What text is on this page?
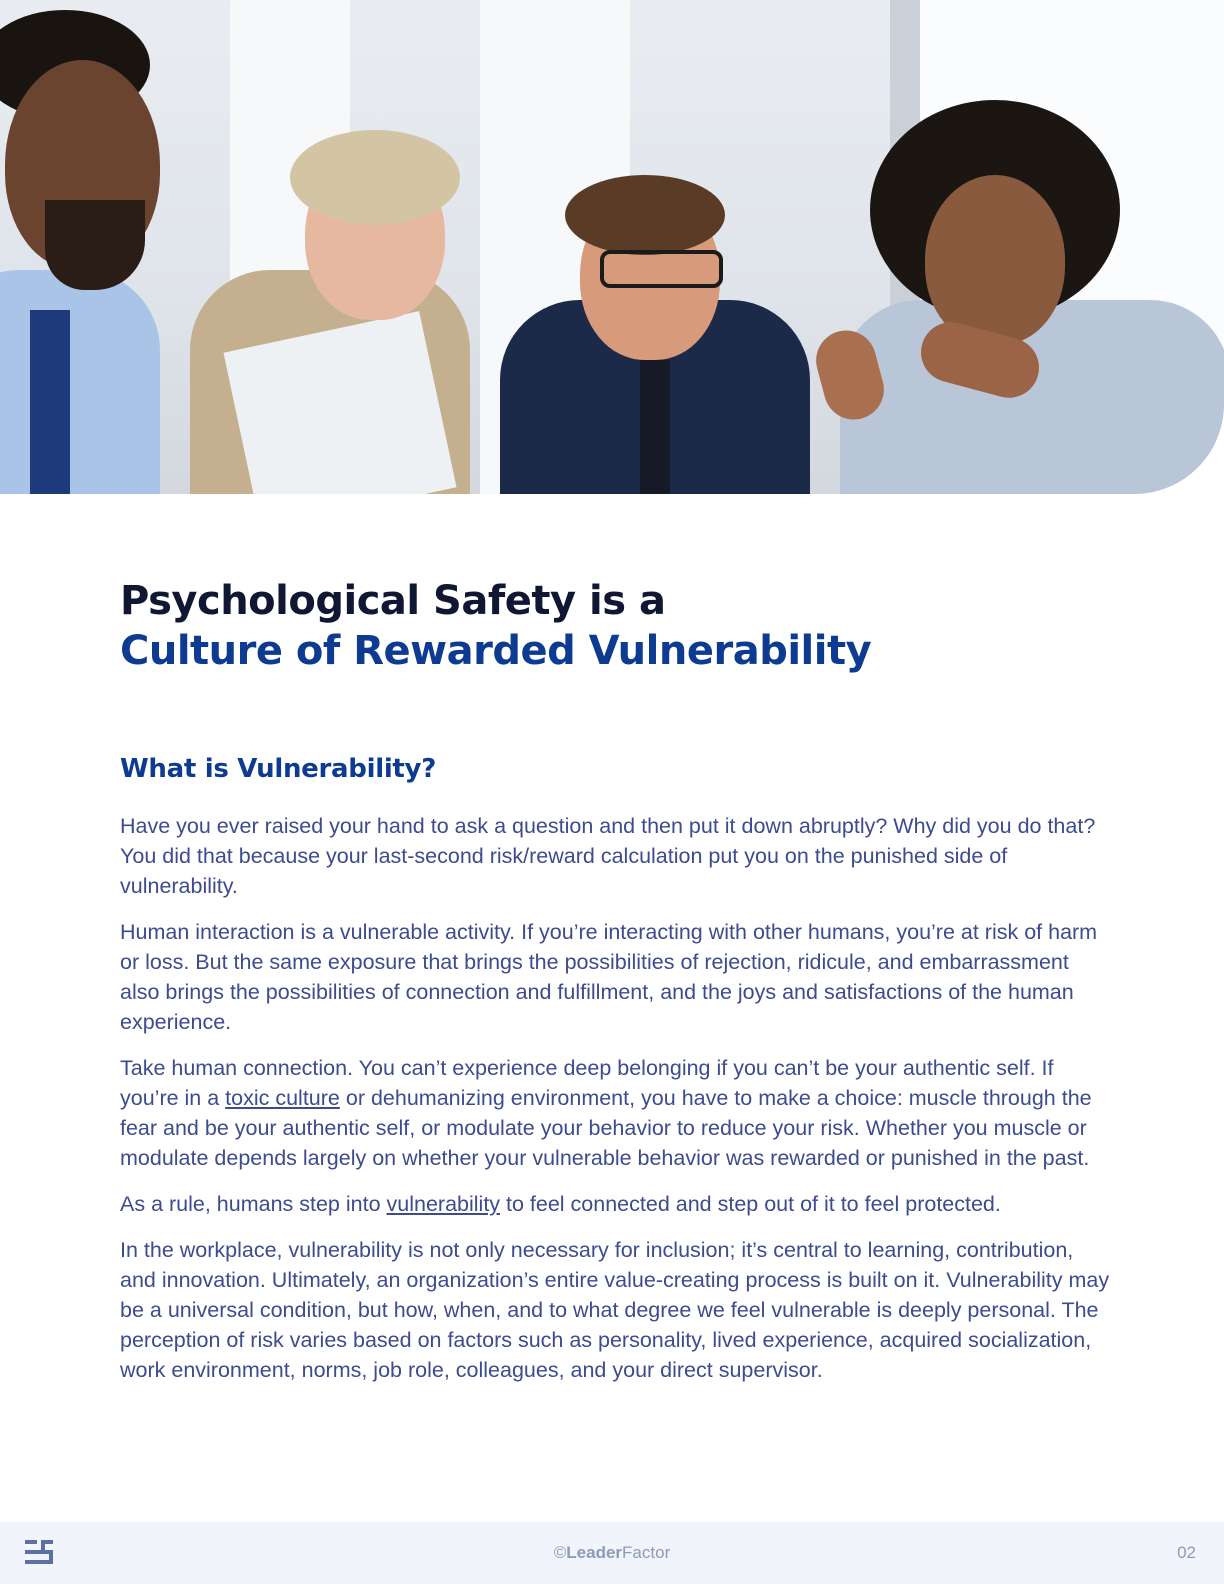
Psychological Safety is a
Culture of Rewarded Vulnerability
What is Vulnerability?

Have you ever raised your hand to ask a question and then put it down abruptly? Why did you do that? You did that because your last-second risk/reward calculation put you on the punished side of vulnerability.

Human interaction is a vulnerable activity. If you’re interacting with other humans, you’re at risk of harm or loss. But the same exposure that brings the possibilities of rejection, ridicule, and embarrassment also brings the possibilities of connection and fulfillment, and the joys and satisfactions of the human experience.

Take human connection. You can’t experience deep belonging if you can’t be your authentic self. If you’re in a toxic culture or dehumanizing environment, you have to make a choice: muscle through the fear and be your authentic self, or modulate your behavior to reduce your risk. Whether you muscle or modulate depends largely on whether your vulnerable behavior was rewarded or punished in the past.

As a rule, humans step into vulnerability to feel connected and step out of it to feel protected.

In the workplace, vulnerability is not only necessary for inclusion; it’s central to learning, contribution, and innovation. Ultimately, an organization’s entire value-creating process is built on it. Vulnerability may be a universal condition, but how, when, and to what degree we feel vulnerable is deeply personal. The perception of risk varies based on factors such as personality, lived experience, acquired socialization, work environment, norms, job role, colleagues, and your direct supervisor.

©LeaderFactor	02
